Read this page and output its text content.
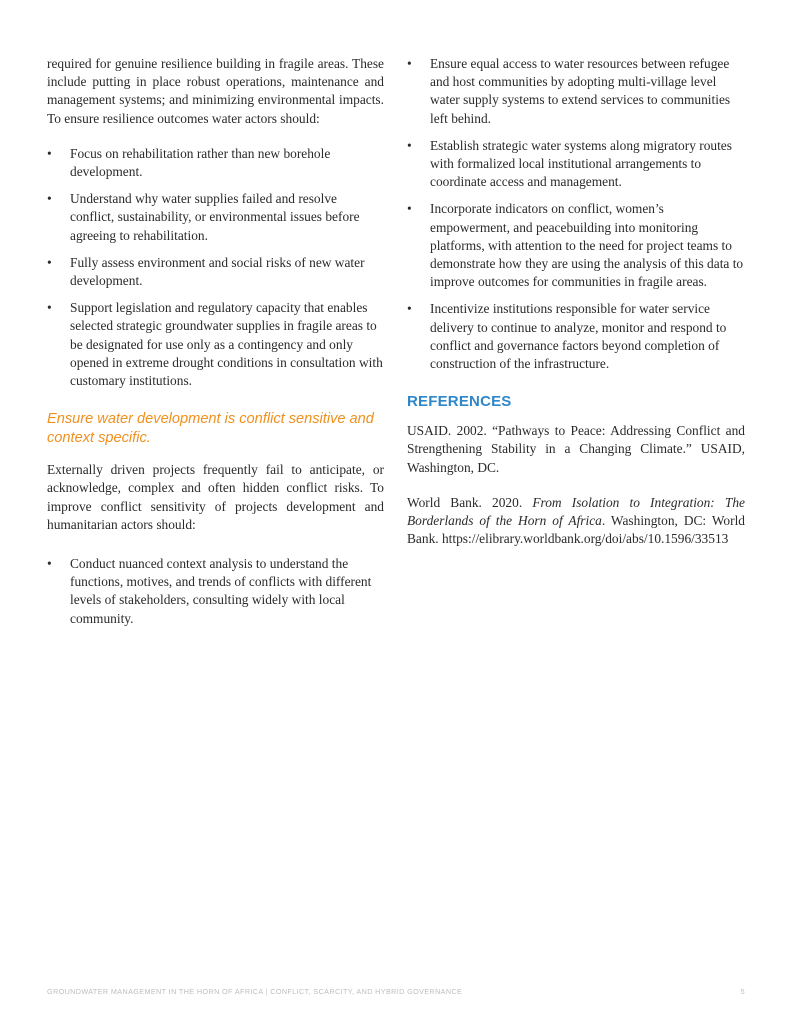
required for genuine resilience building in fragile areas. These include putting in place robust operations, maintenance and management systems; and minimizing environmental impacts. To ensure resilience outcomes water actors should:

• Focus on rehabilitation rather than new borehole development.
• Understand why water supplies failed and resolve conflict, sustainability, or environmental issues before agreeing to rehabilitation.
• Fully assess environment and social risks of new water development.
• Support legislation and regulatory capacity that enables selected strategic groundwater supplies in fragile areas to be designated for use only as a contingency and only opened in extreme drought conditions in consultation with customary institutions.
Ensure water development is conflict sensitive and context specific.

Externally driven projects frequently fail to anticipate, or acknowledge, complex and often hidden conflict risks. To improve conflict sensitivity of projects development and humanitarian actors should:

• Conduct nuanced context analysis to understand the functions, motives, and trends of conflicts with different levels of stakeholders, consulting widely with local community.
• Ensure equal access to water resources between refugee and host communities by adopting multi-village level water supply systems to extend services to communities left behind.
• Establish strategic water systems along migratory routes with formalized local institutional arrangements to coordinate access and management.
• Incorporate indicators on conflict, women’s empowerment, and peacebuilding into monitoring platforms, with attention to the need for project teams to demonstrate how they are using the analysis of this data to improve outcomes for communities in fragile areas.
• Incentivize institutions responsible for water service delivery to continue to analyze, monitor and respond to conflict and governance factors beyond completion of construction of the infrastructure.
REFERENCES

USAID. 2002. “Pathways to Peace: Addressing Conflict and Strengthening Stability in a Changing Climate.” USAID, Washington, DC.

World Bank. 2020. From Isolation to Integration: The Borderlands of the Horn of Africa. Washington, DC: World Bank. https://elibrary.worldbank.org/doi/abs/10.1596/33513

GROUNDWATER MANAGEMENT IN THE HORN OF AFRICA | CONFLICT, SCARCITY, AND HYBRID GOVERNANCE	5
